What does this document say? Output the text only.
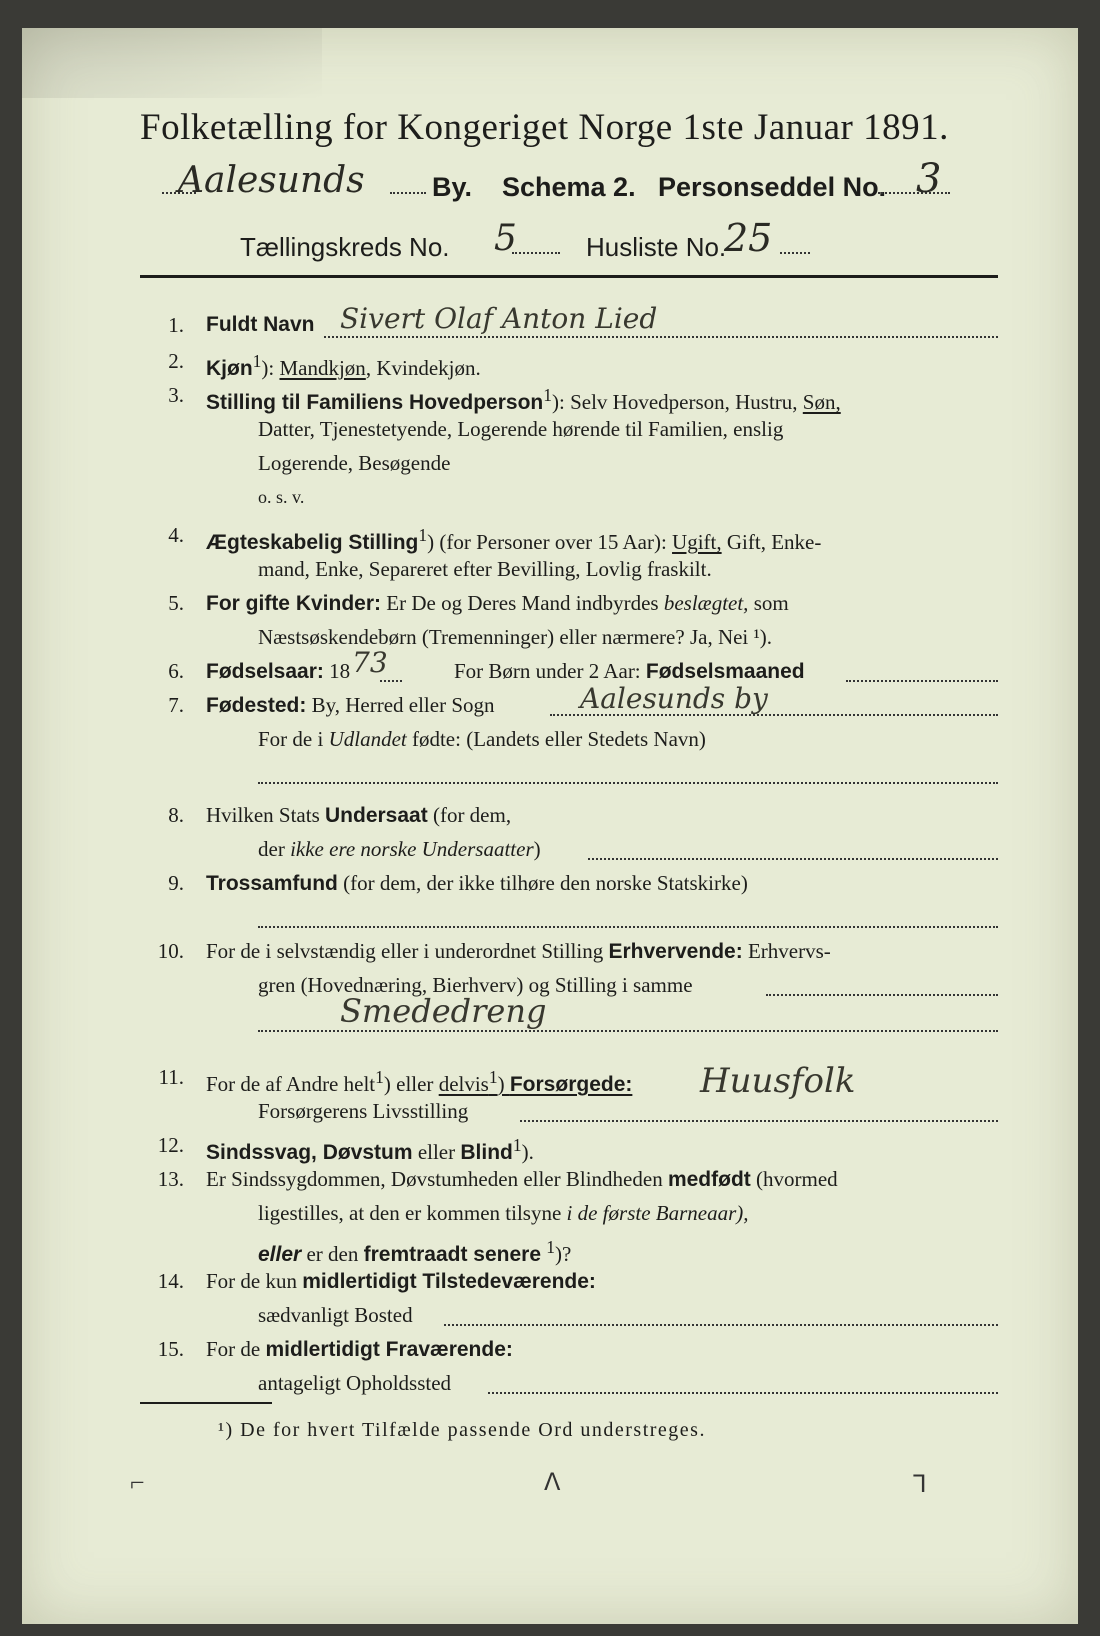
Folketælling for Kongeriget Norge 1ste Januar 1891.
Aalesunds By. Schema 2. Personseddel No. 3
Tællingskreds No. 5	Husliste No.
25
1. Fuldt Navn Sivert Olaf Anton Lied
2. Kjøn$^1$): Mandkjøn, Kvindekjøn.
3. Stilling til Familiens Hovedperson$^1$): Selv Hovedperson, Hustru, Søn,
Datter, Tjenestetyende, Logerende hørende til Familien, enslig
Logerende, Besøgende
o. s. v.
4. Ægteskabelig Stilling$^1$) (for Personer over 15 Aar): Ugift, Gift, Enke-
mand, Enke, Separeret efter Bevilling, Lovlig fraskilt.
5. For gifte Kvinder: Er De og Deres Mand indbyrdes beslægtet, som
Næstsøskendebørn (Tremenninger) eller nærmere? Ja, Nei ¹).
6. Fødselsaar: 18 73	For Børn under 2 Aar: Fødselsmaaned
7. Fødested: By, Herred eller Sogn	Aalesunds by
For de i Udlandet fødte: (Landets eller Stedets Navn)
8. Hvilken Stats Undersaat (for dem,
der ikke ere norske Undersaatter)
9. Trossamfund (for dem, der ikke tilhøre den norske Statskirke)
10. For de i selvstændig eller i underordnet Stilling Erhvervende: Erhvervs-
gren (Hovednæring, Bierhverv) og Stilling i samme
Smededreng
11. For de af Andre helt$^1$) eller delvis$^1$) Forsørgede: Huusfolk
Forsørgerens Livsstilling
12. Sindssvag, Døvstum eller Blind$^1$).
13. Er Sindssygdommen, Døvstumheden eller Blindheden medfødt (hvormed
ligestilles, at den er kommen tilsyne i de første Barneaar),
eller er den fremtraadt senere $^1$)?
14. For de kun midlertidigt Tilstedeværende:
sædvanligt Bosted
15. For de midlertidigt Fraværende:
antageligt Opholdssted
¹) De for hvert Tilfælde passende Ord understreges.
⌐	ᐱ	ᒣ
